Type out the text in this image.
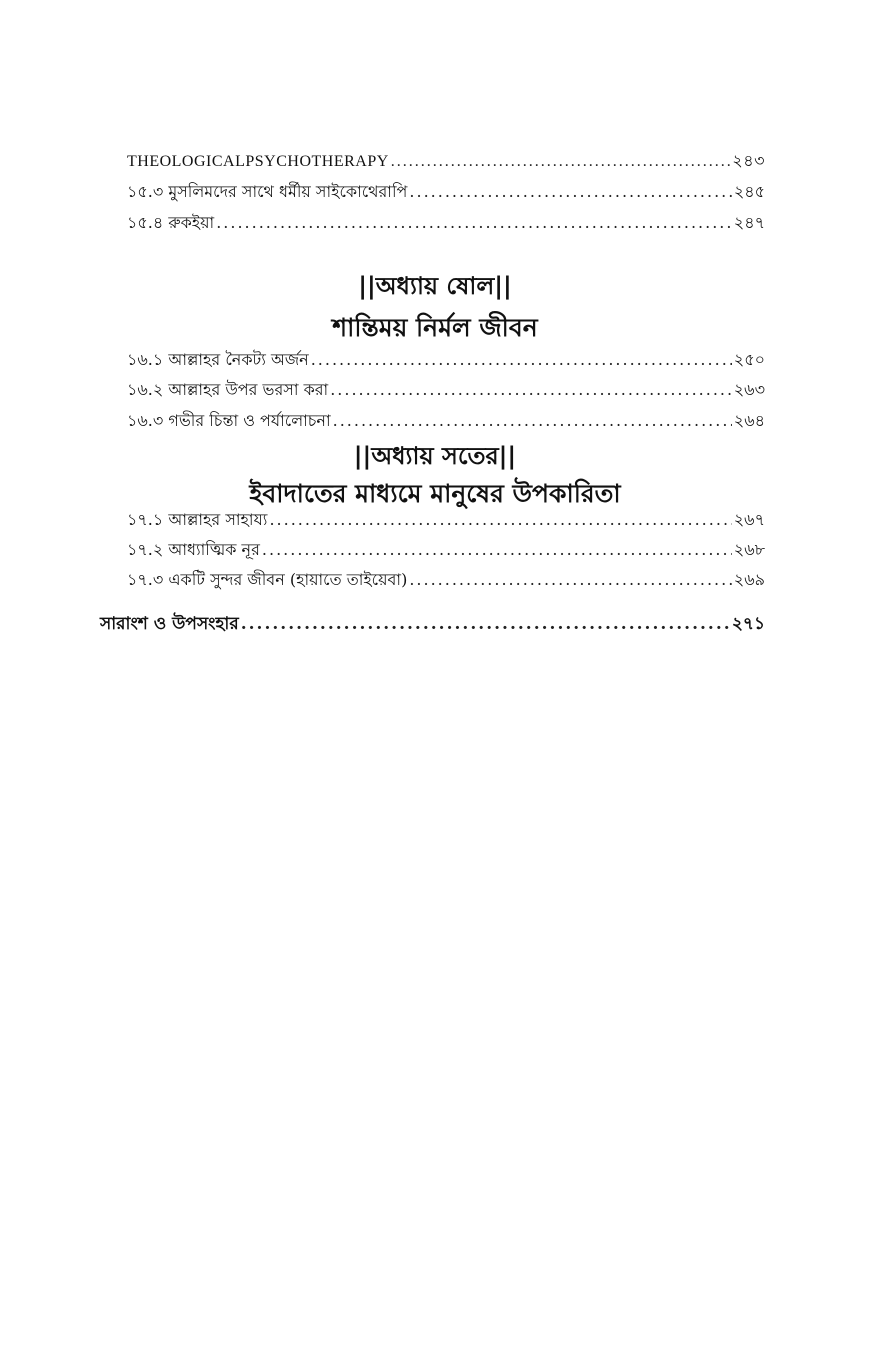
THEOLOGICALPSYCHOTHERAPY .....	২৪৩
১৫.৩ মুসলিমদের সাথে ধর্মীয় সাইকোথেরাপি .....	২৪৫
১৫.৪ রুকইয়া .....	২৪৭
||অধ্যায় ষোল||
শান্তিময় নির্মল জীবন
১৬.১ আল্লাহর নৈকট্য অর্জন .....	২৫০
১৬.২ আল্লাহর উপর ভরসা করা .....	২৬৩
১৬.৩ গভীর চিন্তা ও পর্যালোচনা .....	২৬৪
||অধ্যায় সতের||
ইবাদাতের মাধ্যমে মানুষের উপকারিতা
১৭.১ আল্লাহর সাহায্য .....	২৬৭
১৭.২ আধ্যাত্মিক নূর .....	২৬৮
১৭.৩ একটি সুন্দর জীবন (হায়াতে তাইয়েবা) .....	২৬৯
সারাংশ ও উপসংহার .....	২৭১
